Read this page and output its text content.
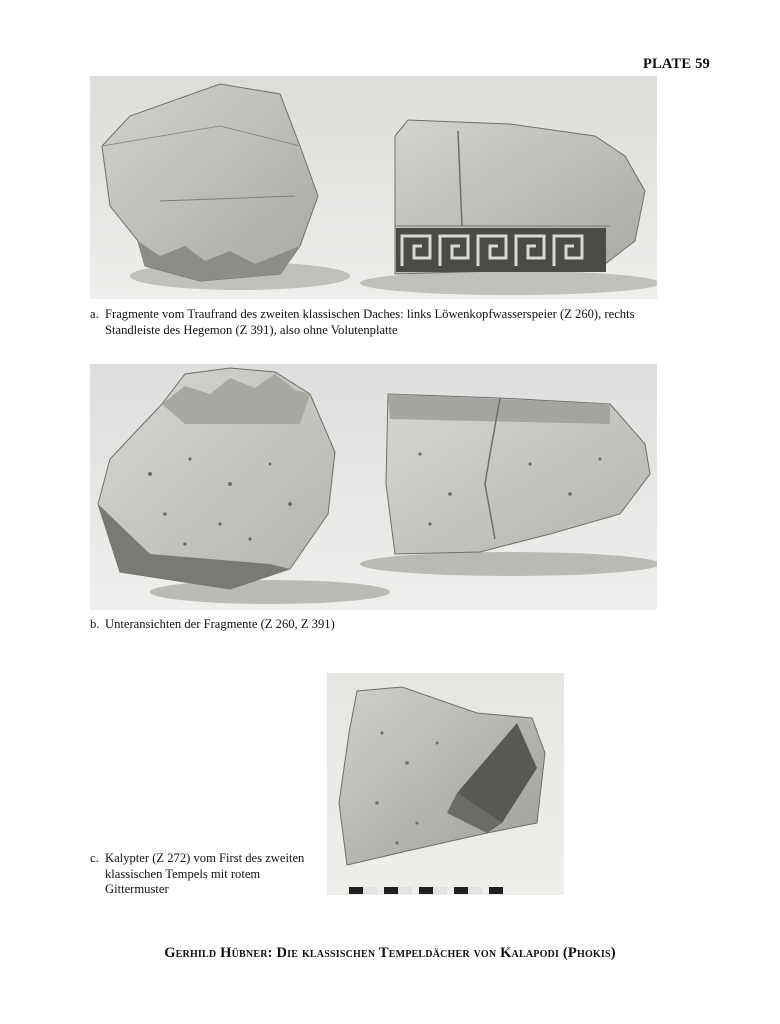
PLATE 59
a. Fragmente vom Traufrand des zweiten klassischen Daches: links Löwenkopfwasserspeier (Z 260), rechts Standleiste des Hegemon (Z 391), also ohne Volutenplatte
b. Unteransichten der Fragmente (Z 260, Z 391)
c. Kalypter (Z 272) vom First des zweiten klassischen Tempels mit rotem Gittermuster
Gerhild Hübner: Die klassischen Tempeldächer von Kalapodi (Phokis)
